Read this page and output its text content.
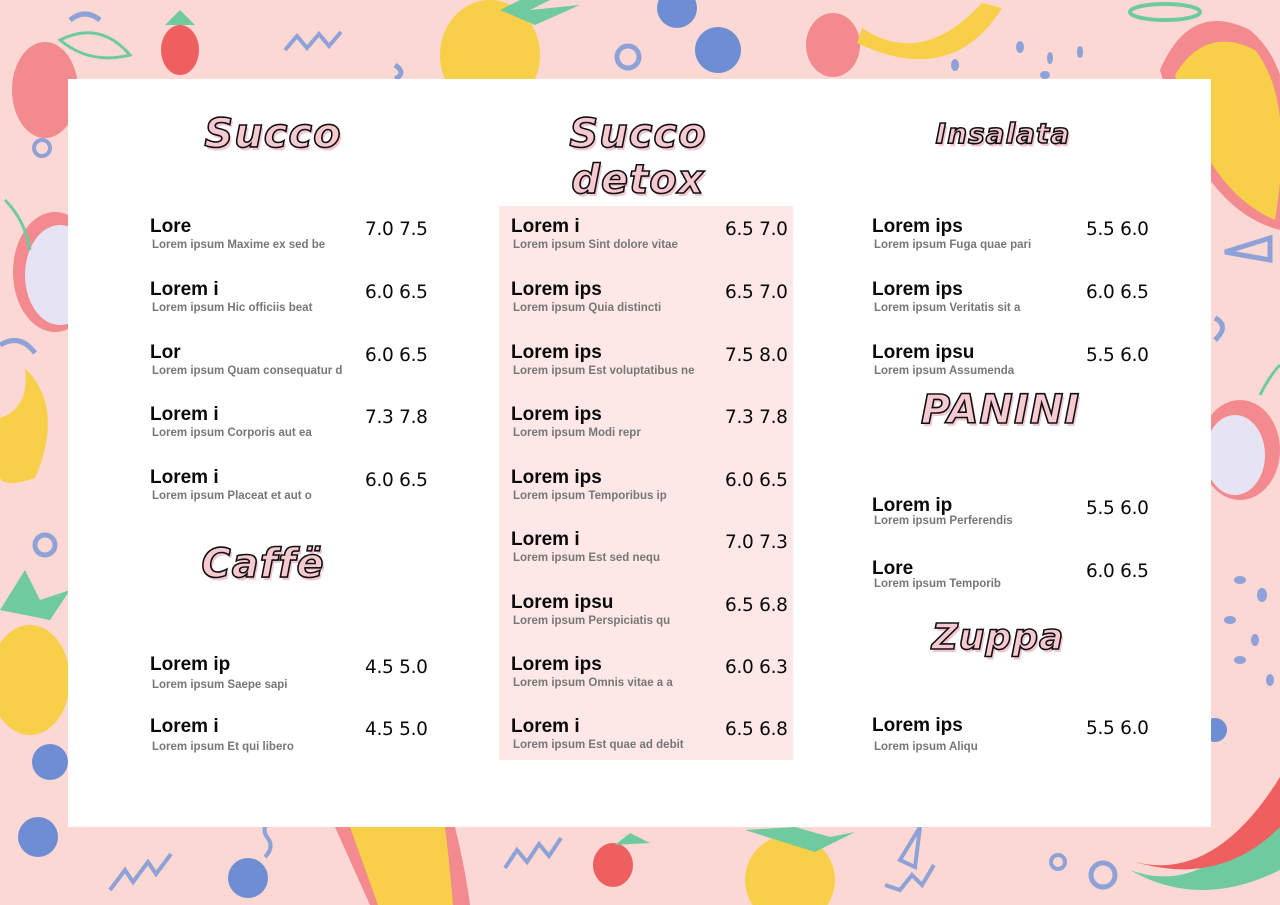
Succo
Lore
Lorem ipsum Maxime ex sed be
7.0 7.5
Lorem i
Lorem ipsum Hic officiis beat
6.0 6.5
Lor
Lorem ipsum Quam consequatur d
6.0 6.5
Lorem i
Lorem ipsum Corporis aut ea
7.3 7.8
Lorem i
Lorem ipsum Placeat et aut o
6.0 6.5
Caffë
Lorem ip
Lorem ipsum Saepe sapi
4.5 5.0
Lorem i
Lorem ipsum Et qui libero
4.5 5.0
Succo detox
Lorem i
Lorem ipsum Sint dolore vitae
6.5 7.0
Lorem ips
Lorem ipsum Quia distincti
6.5 7.0
Lorem ips
Lorem ipsum Est voluptatibus ne
7.5 8.0
Lorem ips
Lorem ipsum Modi repr
7.3 7.8
Lorem ips
Lorem ipsum Temporibus ip
6.0 6.5
Lorem i
Lorem ipsum Est sed nequ
7.0 7.3
Lorem ipsu
Lorem ipsum Perspiciatis qu
6.5 6.8
Lorem ips
Lorem ipsum Omnis vitae a a
6.0 6.3
Lorem i
Lorem ipsum Est quae ad debit
6.5 6.8
Insalata
Lorem ips
Lorem ipsum Fuga quae pari
5.5 6.0
Lorem ips
Lorem ipsum Veritatis sit a
6.0 6.5
Lorem ipsu
Lorem ipsum Assumenda
5.5 6.0
PANINI
Lorem ip
Lorem ipsum Perferendis
5.5 6.0
Lore
Lorem ipsum Temporib
6.0 6.5
Zuppa
Lorem ips
Lorem ipsum Aliqu
5.5 6.0
